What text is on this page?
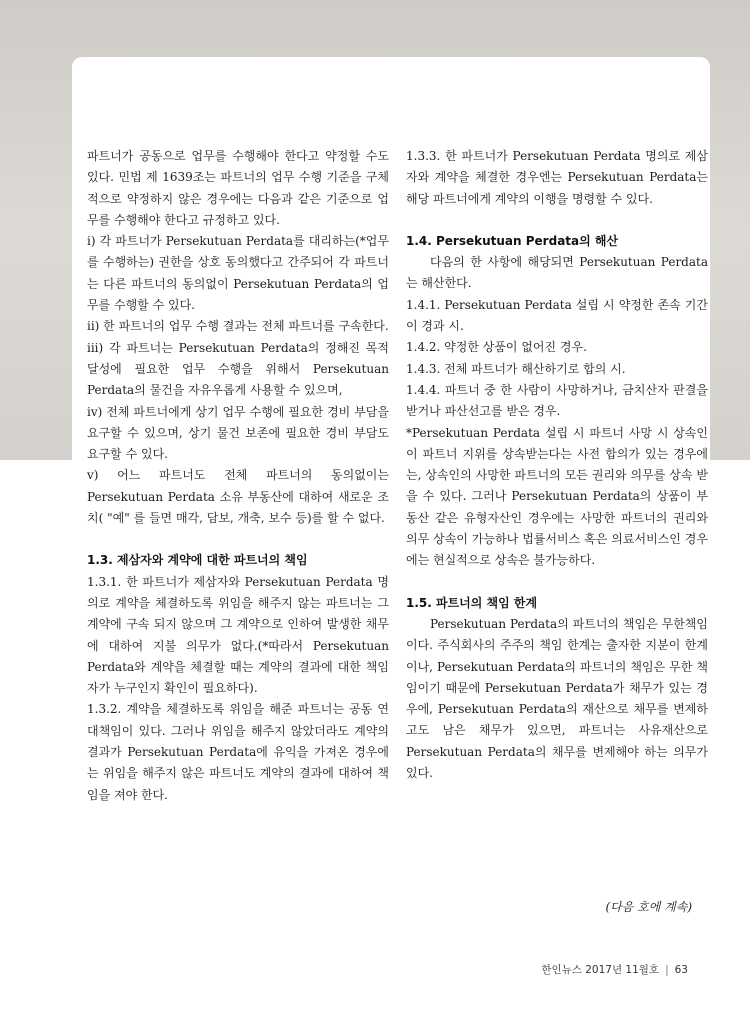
파트너가 공동으로 업무를 수행해야 한다고 약정할 수도 있다. 민법 제 1639조는 파트너의 업무 수행 기준을 구체적으로 약정하지 않은 경우에는 다음과 같은 기준으로 업무를 수행해야 한다고 규정하고 있다.

i) 각 파트너가 Persekutuan Perdata를 대리하는(*업무를 수행하는) 권한을 상호 동의했다고 간주되어 각 파트너는 다른 파트너의 동의없이 Persekutuan Perdata의 업무를 수행할 수 있다.

ii) 한 파트너의 업무 수행 결과는 전체 파트너를 구속한다.

iii) 각 파트너는 Persekutuan Perdata의 정해진 목적 달성에 필요한 업무 수행을 위해서 Persekutuan Perdata의 물건을 자유우롭게 사용할 수 있으며,

iv) 전체 파트너에게 상기 업무 수행에 필요한 경비 부담을 요구할 수 있으며, 상기 물건 보존에 필요한 경비 부담도 요구할 수 있다.

v) 어느 파트너도 전체 파트너의 동의없이는 Persekutuan Perdata 소유 부동산에 대하여 새로운 조치( "예" 를 들면 매각, 담보, 개축, 보수 등)를 할 수 없다.

1.3. 제삼자와 계약에 대한 파트너의 책임

1.3.1. 한 파트너가 제삼자와 Persekutuan Perdata 명의로 계약을 체결하도록 위임을 해주지 않는 파트너는 그 계약에 구속 되지 않으며 그 계약으로 인하여 발생한 채무에 대하여 지불 의무가 없다.(*따라서 Persekutuan Perdata와 계약을 체결할 때는 계약의 결과에 대한 책임자가 누구인지 확인이 필요하다).

1.3.2. 계약을 체결하도록 위임을 해준 파트너는 공동 연대책임이 있다. 그러나 위임을 해주지 않았더라도 계약의 결과가 Persekutuan Perdata에 유익을 가져온 경우에는 위임을 해주지 않은 파트너도 계약의 결과에 대하여 책임을 져야 한다.

1.3.3. 한 파트너가 Persekutuan Perdata 명의로 제삼자와 계약을 체결한 경우엔는 Persekutuan Perdata는 해당 파트너에게 계약의 이행을 명령할 수 있다.

1.4. Persekutuan Perdata의 해산

다음의 한 사항에 해당되면 Persekutuan Perdata는 해산한다.

1.4.1. Persekutuan Perdata 설립 시 약정한 존속 기간이 경과 시.

1.4.2. 약정한 상품이 없어진 경우.

1.4.3. 전체 파트너가 해산하기로 합의 시.

1.4.4. 파트너 중 한 사람이 사망하거나, 금치산자 판결을 받거나 파산선고를 받은 경우.

*Persekutuan Perdata 설립 시 파트너 사망 시 상속인이 파트너 지위를 상속받는다는 사전 합의가 있는 경우에는, 상속인의 사망한 파트너의 모든 권리와 의무를 상속 받을 수 있다. 그러나 Persekutuan Perdata의 상품이 부동산 같은 유형자산인 경우에는 사망한 파트너의 권리와 의무 상속이 가능하나 법률서비스 혹은 의료서비스인 경우에는 현실적으로 상속은 불가능하다.

1.5. 파트너의 책임 한계

Persekutuan Perdata의 파트너의 책임은 무한책임이다. 주식회사의 주주의 책임 한계는 출자한 지분이 한계이나, Persekutuan Perdata의 파트너의 책임은 무한 책임이기 때문에 Persekutuan Perdata가 채무가 있는 경우에, Persekutuan Perdata의 재산으로 채무를 변제하고도 남은 채무가 있으면, 파트너는 사유재산으로 Persekutuan Perdata의 채무를 변제해야 하는 의무가 있다.

(다음 호에 계속)
한인뉴스 2017년 11월호 | 63
